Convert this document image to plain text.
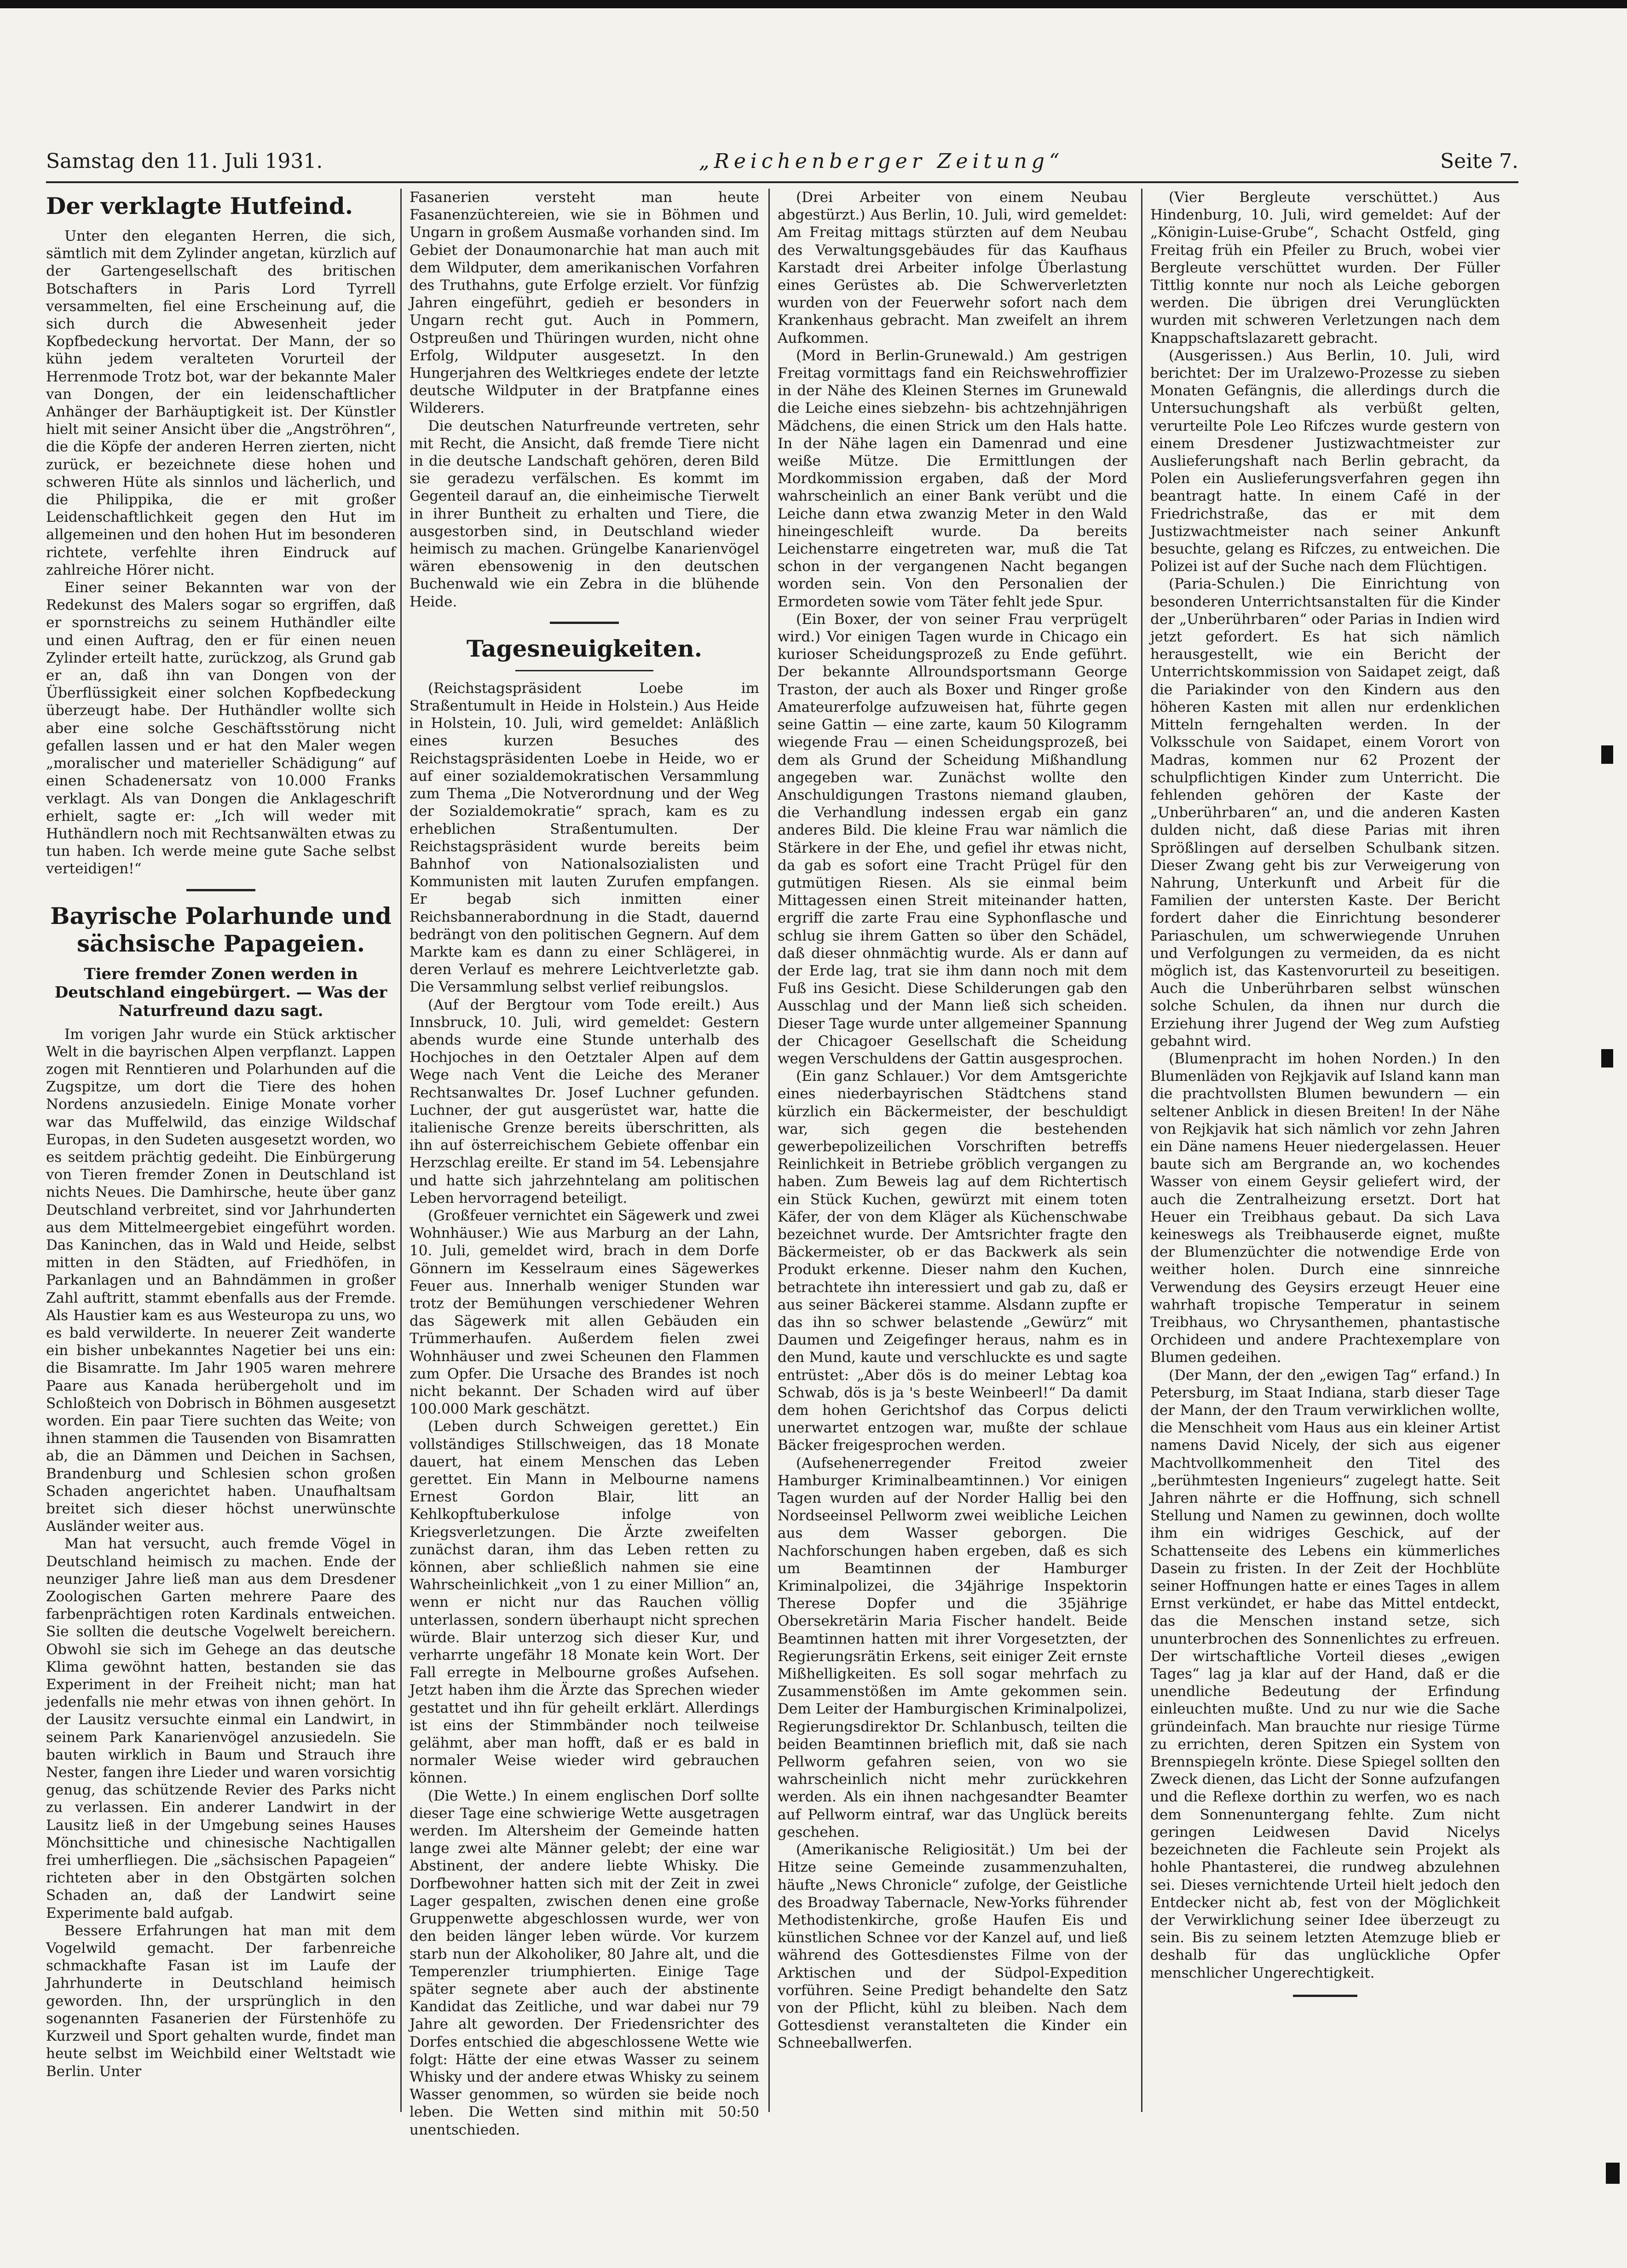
Samstag den 11. Juli 1931.	„Reichenberger Zeitung“	Seite 7.
Der verklagte Hutfeind.

Unter den eleganten Herren, die sich, sämtlich mit dem Zylinder angetan, kürzlich auf der Gartengesellschaft des britischen Botschafters in Paris Lord Tyrrell versammelten, fiel eine Erscheinung auf, die sich durch die Abwesenheit jeder Kopfbedeckung hervortat. Der Mann, der so kühn jedem veralteten Vorurteil der Herrenmode Trotz bot, war der bekannte Maler van Dongen, der ein leidenschaftlicher Anhänger der Barhäuptigkeit ist. Der Künstler hielt mit seiner Ansicht über die „Angströhren“, die die Köpfe der anderen Herren zierten, nicht zurück, er bezeichnete diese hohen und schweren Hüte als sinnlos und lächerlich, und die Philippika, die er mit großer Leidenschaftlichkeit gegen den Hut im allgemeinen und den hohen Hut im besonderen richtete, verfehlte ihren Eindruck auf zahlreiche Hörer nicht.

Einer seiner Bekannten war von der Redekunst des Malers sogar so ergriffen, daß er spornstreichs zu seinem Huthändler eilte und einen Auftrag, den er für einen neuen Zylinder erteilt hatte, zurückzog, als Grund gab er an, daß ihn van Dongen von der Überflüssigkeit einer solchen Kopfbedeckung überzeugt habe. Der Huthändler wollte sich aber eine solche Geschäftsstörung nicht gefallen lassen und er hat den Maler wegen „moralischer und materieller Schädigung“ auf einen Schadenersatz von 10.000 Franks verklagt. Als van Dongen die Anklageschrift erhielt, sagte er: „Ich will weder mit Huthändlern noch mit Rechtsanwälten etwas zu tun haben. Ich werde meine gute Sache selbst verteidigen!“

Bayrische Polarhunde und sächsische Papageien.
Tiere fremder Zonen werden in Deutschland eingebürgert. — Was der Naturfreund dazu sagt.

Im vorigen Jahr wurde ein Stück arktischer Welt in die bayrischen Alpen verpflanzt. Lappen zogen mit Renntieren und Polarhunden auf die Zugspitze, um dort die Tiere des hohen Nordens anzusiedeln. Einige Monate vorher war das Muffelwild, das einzige Wildschaf Europas, in den Sudeten ausgesetzt worden, wo es seitdem prächtig gedeiht. Die Einbürgerung von Tieren fremder Zonen in Deutschland ist nichts Neues. Die Damhirsche, heute über ganz Deutschland verbreitet, sind vor Jahrhunderten aus dem Mittelmeergebiet eingeführt worden. Das Kaninchen, das in Wald und Heide, selbst mitten in den Städten, auf Friedhöfen, in Parkanlagen und an Bahndämmen in großer Zahl auftritt, stammt ebenfalls aus der Fremde. Als Haustier kam es aus Westeuropa zu uns, wo es bald verwilderte. In neuerer Zeit wanderte ein bisher unbekanntes Nagetier bei uns ein: die Bisamratte. Im Jahr 1905 waren mehrere Paare aus Kanada herübergeholt und im Schloßteich von Dobrisch in Böhmen ausgesetzt worden. Ein paar Tiere suchten das Weite; von ihnen stammen die Tausenden von Bisamratten ab, die an Dämmen und Deichen in Sachsen, Brandenburg und Schlesien schon großen Schaden angerichtet haben. Unaufhaltsam breitet sich dieser höchst unerwünschte Ausländer weiter aus.

Man hat versucht, auch fremde Vögel in Deutschland heimisch zu machen. Ende der neunziger Jahre ließ man aus dem Dresdener Zoologischen Garten mehrere Paare des farbenprächtigen roten Kardinals entweichen. Sie sollten die deutsche Vogelwelt bereichern. Obwohl sie sich im Gehege an das deutsche Klima gewöhnt hatten, bestanden sie das Experiment in der Freiheit nicht; man hat jedenfalls nie mehr etwas von ihnen gehört. In der Lausitz versuchte einmal ein Landwirt, in seinem Park Kanarienvögel anzusiedeln. Sie bauten wirklich in Baum und Strauch ihre Nester, fangen ihre Lieder und waren vorsichtig genug, das schützende Revier des Parks nicht zu verlassen. Ein anderer Landwirt in der Lausitz ließ in der Umgebung seines Hauses Mönchsittiche und chinesische Nachtigallen frei umherfliegen. Die „sächsischen Papageien“ richteten aber in den Obstgärten solchen Schaden an, daß der Landwirt seine Experimente bald aufgab.

Bessere Erfahrungen hat man mit dem Vogelwild gemacht. Der farbenreiche schmackhafte Fasan ist im Laufe der Jahrhunderte in Deutschland heimisch geworden. Ihn, der ursprünglich in den sogenannten Fasanerien der Fürstenhöfe zu Kurzweil und Sport gehalten wurde, findet man heute selbst im Weichbild einer Weltstadt wie Berlin. Unter

Fasanerien versteht man heute Fasanenzüchtereien, wie sie in Böhmen und Ungarn in großem Ausmaße vorhanden sind. Im Gebiet der Donaumonarchie hat man auch mit dem Wildputer, dem amerikanischen Vorfahren des Truthahns, gute Erfolge erzielt. Vor fünfzig Jahren eingeführt, gedieh er besonders in Ungarn recht gut. Auch in Pommern, Ostpreußen und Thüringen wurden, nicht ohne Erfolg, Wildputer ausgesetzt. In den Hungerjahren des Weltkrieges endete der letzte deutsche Wildputer in der Bratpfanne eines Wilderers.

Die deutschen Naturfreunde vertreten, sehr mit Recht, die Ansicht, daß fremde Tiere nicht in die deutsche Landschaft gehören, deren Bild sie geradezu verfälschen. Es kommt im Gegenteil darauf an, die einheimische Tierwelt in ihrer Buntheit zu erhalten und Tiere, die ausgestorben sind, in Deutschland wieder heimisch zu machen. Grüngelbe Kanarienvögel wären ebensowenig in den deutschen Buchenwald wie ein Zebra in die blühende Heide.

Tagesneuigkeiten.

(Reichstagspräsident Loebe im Straßentumult in Heide in Holstein.) Aus Heide in Holstein, 10. Juli, wird gemeldet: Anläßlich eines kurzen Besuches des Reichstagspräsidenten Loebe in Heide, wo er auf einer sozialdemokratischen Versammlung zum Thema „Die Notverordnung und der Weg der Sozialdemokratie“ sprach, kam es zu erheblichen Straßentumulten. Der Reichstagspräsident wurde bereits beim Bahnhof von Nationalsozialisten und Kommunisten mit lauten Zurufen empfangen. Er begab sich inmitten einer Reichsbannerabordnung in die Stadt, dauernd bedrängt von den politischen Gegnern. Auf dem Markte kam es dann zu einer Schlägerei, in deren Verlauf es mehrere Leichtverletzte gab. Die Versammlung selbst verlief reibungslos.

(Auf der Bergtour vom Tode ereilt.) Aus Innsbruck, 10. Juli, wird gemeldet: Gestern abends wurde eine Stunde unterhalb des Hochjoches in den Oetztaler Alpen auf dem Wege nach Vent die Leiche des Meraner Rechtsanwaltes Dr. Josef Luchner gefunden. Luchner, der gut ausgerüstet war, hatte die italienische Grenze bereits überschritten, als ihn auf österreichischem Gebiete offenbar ein Herzschlag ereilte. Er stand im 54. Lebensjahre und hatte sich jahrzehntelang am politischen Leben hervorragend beteiligt.

(Großfeuer vernichtet ein Sägewerk und zwei Wohnhäuser.) Wie aus Marburg an der Lahn, 10. Juli, gemeldet wird, brach in dem Dorfe Gönnern im Kesselraum eines Sägewerkes Feuer aus. Innerhalb weniger Stunden war trotz der Bemühungen verschiedener Wehren das Sägewerk mit allen Gebäuden ein Trümmerhaufen. Außerdem fielen zwei Wohnhäuser und zwei Scheunen den Flammen zum Opfer. Die Ursache des Brandes ist noch nicht bekannt. Der Schaden wird auf über 100.000 Mark geschätzt.

(Leben durch Schweigen gerettet.) Ein vollständiges Stillschweigen, das 18 Monate dauert, hat einem Menschen das Leben gerettet. Ein Mann in Melbourne namens Ernest Gordon Blair, litt an Kehlkopftuberkulose infolge von Kriegsverletzungen. Die Ärzte zweifelten zunächst daran, ihm das Leben retten zu können, aber schließlich nahmen sie eine Wahrscheinlichkeit „von 1 zu einer Million“ an, wenn er nicht nur das Rauchen völlig unterlassen, sondern überhaupt nicht sprechen würde. Blair unterzog sich dieser Kur, und verharrte ungefähr 18 Monate kein Wort. Der Fall erregte in Melbourne großes Aufsehen. Jetzt haben ihm die Ärzte das Sprechen wieder gestattet und ihn für geheilt erklärt. Allerdings ist eins der Stimmbänder noch teilweise gelähmt, aber man hofft, daß er es bald in normaler Weise wieder wird gebrauchen können.

(Die Wette.) In einem englischen Dorf sollte dieser Tage eine schwierige Wette ausgetragen werden. Im Altersheim der Gemeinde hatten lange zwei alte Männer gelebt; der eine war Abstinent, der andere liebte Whisky. Die Dorfbewohner hatten sich mit der Zeit in zwei Lager gespalten, zwischen denen eine große Gruppenwette abgeschlossen wurde, wer von den beiden länger leben würde. Vor kurzem starb nun der Alkoholiker, 80 Jahre alt, und die Temperenzler triumphierten. Einige Tage später segnete aber auch der abstinente Kandidat das Zeitliche, und war dabei nur 79 Jahre alt geworden. Der Friedensrichter des Dorfes entschied die abgeschlossene Wette wie folgt: Hätte der eine etwas Wasser zu seinem Whisky und der andere etwas Whisky zu seinem Wasser genommen, so würden sie beide noch leben. Die Wetten sind mithin mit 50:50 unentschieden.

(Drei Arbeiter von einem Neubau abgestürzt.) Aus Berlin, 10. Juli, wird gemeldet: Am Freitag mittags stürzten auf dem Neubau des Verwaltungsgebäudes für das Kaufhaus Karstadt drei Arbeiter infolge Überlastung eines Gerüstes ab. Die Schwerverletzten wurden von der Feuerwehr sofort nach dem Krankenhaus gebracht. Man zweifelt an ihrem Aufkommen.

(Mord in Berlin-Grunewald.) Am gestrigen Freitag vormittags fand ein Reichswehroffizier in der Nähe des Kleinen Sternes im Grunewald die Leiche eines siebzehn- bis achtzehnjährigen Mädchens, die einen Strick um den Hals hatte. In der Nähe lagen ein Damenrad und eine weiße Mütze. Die Ermittlungen der Mordkommission ergaben, daß der Mord wahrscheinlich an einer Bank verübt und die Leiche dann etwa zwanzig Meter in den Wald hineingeschleift wurde. Da bereits Leichenstarre eingetreten war, muß die Tat schon in der vergangenen Nacht begangen worden sein. Von den Personalien der Ermordeten sowie vom Täter fehlt jede Spur.

(Ein Boxer, der von seiner Frau verprügelt wird.) Vor einigen Tagen wurde in Chicago ein kurioser Scheidungsprozeß zu Ende geführt. Der bekannte Allroundsportsmann George Traston, der auch als Boxer und Ringer große Amateurerfolge aufzuweisen hat, führte gegen seine Gattin — eine zarte, kaum 50 Kilogramm wiegende Frau — einen Scheidungsprozeß, bei dem als Grund der Scheidung Mißhandlung angegeben war. Zunächst wollte den Anschuldigungen Trastons niemand glauben, die Verhandlung indessen ergab ein ganz anderes Bild. Die kleine Frau war nämlich die Stärkere in der Ehe, und gefiel ihr etwas nicht, da gab es sofort eine Tracht Prügel für den gutmütigen Riesen. Als sie einmal beim Mittagessen einen Streit miteinander hatten, ergriff die zarte Frau eine Syphonflasche und schlug sie ihrem Gatten so über den Schädel, daß dieser ohnmächtig wurde. Als er dann auf der Erde lag, trat sie ihm dann noch mit dem Fuß ins Gesicht. Diese Schilderungen gab den Ausschlag und der Mann ließ sich scheiden. Dieser Tage wurde unter allgemeiner Spannung der Chicagoer Gesellschaft die Scheidung wegen Verschuldens der Gattin ausgesprochen.

(Ein ganz Schlauer.) Vor dem Amtsgerichte eines niederbayrischen Städtchens stand kürzlich ein Bäckermeister, der beschuldigt war, sich gegen die bestehenden gewerbepolizeilichen Vorschriften betreffs Reinlichkeit in Betriebe gröblich vergangen zu haben. Zum Beweis lag auf dem Richtertisch ein Stück Kuchen, gewürzt mit einem toten Käfer, der von dem Kläger als Küchenschwabe bezeichnet wurde. Der Amtsrichter fragte den Bäckermeister, ob er das Backwerk als sein Produkt erkenne. Dieser nahm den Kuchen, betrachtete ihn interessiert und gab zu, daß er aus seiner Bäckerei stamme. Alsdann zupfte er das ihn so schwer belastende „Gewürz“ mit Daumen und Zeigefinger heraus, nahm es in den Mund, kaute und verschluckte es und sagte entrüstet: „Aber dös is do meiner Lebtag koa Schwab, dös is ja 's beste Weinbeerl!“ Da damit dem hohen Gerichtshof das Corpus delicti unerwartet entzogen war, mußte der schlaue Bäcker freigesprochen werden.

(Aufsehenerregender Freitod zweier Hamburger Kriminalbeamtinnen.) Vor einigen Tagen wurden auf der Norder Hallig bei den Nordseeinsel Pellworm zwei weibliche Leichen aus dem Wasser geborgen. Die Nachforschungen haben ergeben, daß es sich um Beamtinnen der Hamburger Kriminalpolizei, die 34jährige Inspektorin Therese Dopfer und die 35jährige Obersekretärin Maria Fischer handelt. Beide Beamtinnen hatten mit ihrer Vorgesetzten, der Regierungsrätin Erkens, seit einiger Zeit ernste Mißhelligkeiten. Es soll sogar mehrfach zu Zusammenstößen im Amte gekommen sein. Dem Leiter der Hamburgischen Kriminalpolizei, Regierungsdirektor Dr. Schlanbusch, teilten die beiden Beamtinnen brieflich mit, daß sie nach Pellworm gefahren seien, von wo sie wahrscheinlich nicht mehr zurückkehren werden. Als ein ihnen nachgesandter Beamter auf Pellworm eintraf, war das Unglück bereits geschehen.

(Amerikanische Religiosität.) Um bei der Hitze seine Gemeinde zusammenzuhalten, häufte „News Chronicle“ zufolge, der Geistliche des Broadway Tabernacle, New-Yorks führender Methodistenkirche, große Haufen Eis und künstlichen Schnee vor der Kanzel auf, und ließ während des Gottesdienstes Filme von der Arktischen und der Südpol-Expedition vorführen. Seine Predigt behandelte den Satz von der Pflicht, kühl zu bleiben. Nach dem Gottesdienst veranstalteten die Kinder ein Schneeballwerfen.

(Vier Bergleute verschüttet.) Aus Hindenburg, 10. Juli, wird gemeldet: Auf der „Königin-Luise-Grube“, Schacht Ostfeld, ging Freitag früh ein Pfeiler zu Bruch, wobei vier Bergleute verschüttet wurden. Der Füller Tittlig konnte nur noch als Leiche geborgen werden. Die übrigen drei Verunglückten wurden mit schweren Verletzungen nach dem Knappschaftslazarett gebracht.

(Ausgerissen.) Aus Berlin, 10. Juli, wird berichtet: Der im Uralzewo-Prozesse zu sieben Monaten Gefängnis, die allerdings durch die Untersuchungshaft als verbüßt gelten, verurteilte Pole Leo Rifczes wurde gestern von einem Dresdener Justizwachtmeister zur Auslieferungshaft nach Berlin gebracht, da Polen ein Auslieferungsverfahren gegen ihn beantragt hatte. In einem Café in der Friedrichstraße, das er mit dem Justizwachtmeister nach seiner Ankunft besuchte, gelang es Rifczes, zu entweichen. Die Polizei ist auf der Suche nach dem Flüchtigen.

(Paria-Schulen.) Die Einrichtung von besonderen Unterrichtsanstalten für die Kinder der „Unberührbaren“ oder Parias in Indien wird jetzt gefordert. Es hat sich nämlich herausgestellt, wie ein Bericht der Unterrichtskommission von Saidapet zeigt, daß die Pariakinder von den Kindern aus den höheren Kasten mit allen nur erdenklichen Mitteln ferngehalten werden. In der Volksschule von Saidapet, einem Vorort von Madras, kommen nur 62 Prozent der schulpflichtigen Kinder zum Unterricht. Die fehlenden gehören der Kaste der „Unberührbaren“ an, und die anderen Kasten dulden nicht, daß diese Parias mit ihren Sprößlingen auf derselben Schulbank sitzen. Dieser Zwang geht bis zur Verweigerung von Nahrung, Unterkunft und Arbeit für die Familien der untersten Kaste. Der Bericht fordert daher die Einrichtung besonderer Pariaschulen, um schwerwiegende Unruhen und Verfolgungen zu vermeiden, da es nicht möglich ist, das Kastenvorurteil zu beseitigen. Auch die Unberührbaren selbst wünschen solche Schulen, da ihnen nur durch die Erziehung ihrer Jugend der Weg zum Aufstieg gebahnt wird.

(Blumenpracht im hohen Norden.) In den Blumenläden von Rejkjavik auf Island kann man die prachtvollsten Blumen bewundern — ein seltener Anblick in diesen Breiten! In der Nähe von Rejkjavik hat sich nämlich vor zehn Jahren ein Däne namens Heuer niedergelassen. Heuer baute sich am Bergrande an, wo kochendes Wasser von einem Geysir geliefert wird, der auch die Zentralheizung ersetzt. Dort hat Heuer ein Treibhaus gebaut. Da sich Lava keineswegs als Treibhauserde eignet, mußte der Blumenzüchter die notwendige Erde von weither holen. Durch eine sinnreiche Verwendung des Geysirs erzeugt Heuer eine wahrhaft tropische Temperatur in seinem Treibhaus, wo Chrysanthemen, phantastische Orchideen und andere Prachtexemplare von Blumen gedeihen.

(Der Mann, der den „ewigen Tag“ erfand.) In Petersburg, im Staat Indiana, starb dieser Tage der Mann, der den Traum verwirklichen wollte, die Menschheit vom Haus aus ein kleiner Artist namens David Nicely, der sich aus eigener Machtvollkommenheit den Titel des „berühmtesten Ingenieurs“ zugelegt hatte. Seit Jahren nährte er die Hoffnung, sich schnell Stellung und Namen zu gewinnen, doch wollte ihm ein widriges Geschick, auf der Schattenseite des Lebens ein kümmerliches Dasein zu fristen. In der Zeit der Hochblüte seiner Hoffnungen hatte er eines Tages in allem Ernst verkündet, er habe das Mittel entdeckt, das die Menschen instand setze, sich ununterbrochen des Sonnenlichtes zu erfreuen. Der wirtschaftliche Vorteil dieses „ewigen Tages“ lag ja klar auf der Hand, daß er die unendliche Bedeutung der Erfindung einleuchten mußte. Und zu nur wie die Sache gründeinfach. Man brauchte nur riesige Türme zu errichten, deren Spitzen ein System von Brennspiegeln krönte. Diese Spiegel sollten den Zweck dienen, das Licht der Sonne aufzufangen und die Reflexe dorthin zu werfen, wo es nach dem Sonnenuntergang fehlte. Zum nicht geringen Leidwesen David Nicelys bezeichneten die Fachleute sein Projekt als hohle Phantasterei, die rundweg abzulehnen sei. Dieses vernichtende Urteil hielt jedoch den Entdecker nicht ab, fest von der Möglichkeit der Verwirklichung seiner Idee überzeugt zu sein. Bis zu seinem letzten Atemzuge blieb er deshalb für das unglückliche Opfer menschlicher Ungerechtigkeit.
